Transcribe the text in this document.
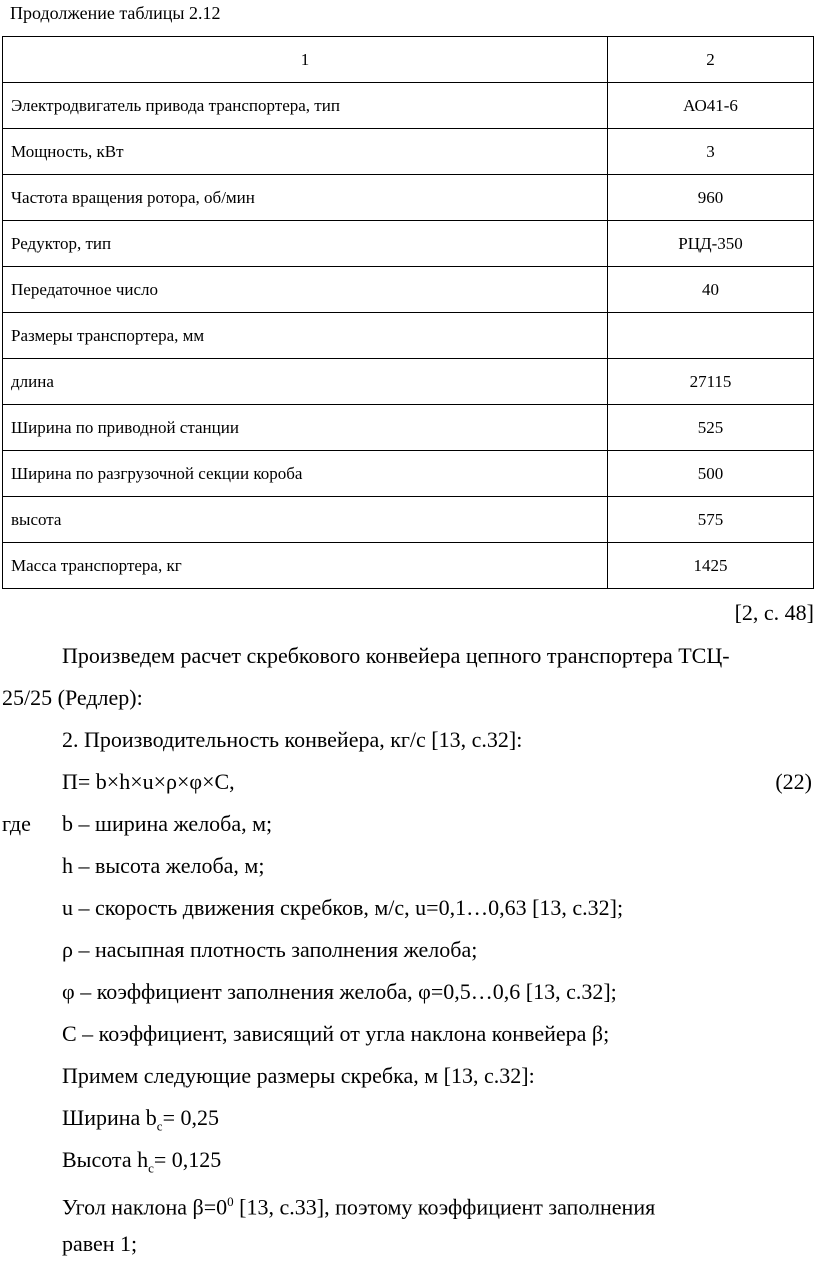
Продолжение таблицы 2.12
1	2
Электродвигатель привода транспортера, тип	АО41-6
Мощность, кВт	3
Частота вращения ротора, об/мин	960
Редуктор, тип	РЦД-350
Передаточное число	40
Размеры транспортера, мм	
длина	27115
Ширина по приводной станции	525
Ширина по разгрузочной секции короба	500
высота	575
Масса транспортера, кг	1425
[2, с. 48]
Произведем расчет скребкового конвейера цепного транспортера ТСЦ-
25/25 (Редлер):
2. Производительность конвейера, кг/с [13, с.32]:
П= b×h×u×ρ×φ×C,	(22)
где b – ширина желоба, м;
h – высота желоба, м;
u – скорость движения скребков, м/с, u=0,1…0,63 [13, с.32];
ρ – насыпная плотность заполнения желоба;
φ – коэффициент заполнения желоба, φ=0,5…0,6 [13, с.32];
С – коэффициент, зависящий от угла наклона конвейера β;
Примем следующие размеры скребка, м [13, с.32]:
Ширина $b_c= 0,25$
Высота $h_c= 0,125$
Угол наклона $\beta=0^0$ [13, с.33], поэтому коэффициент заполнения
равен 1;
